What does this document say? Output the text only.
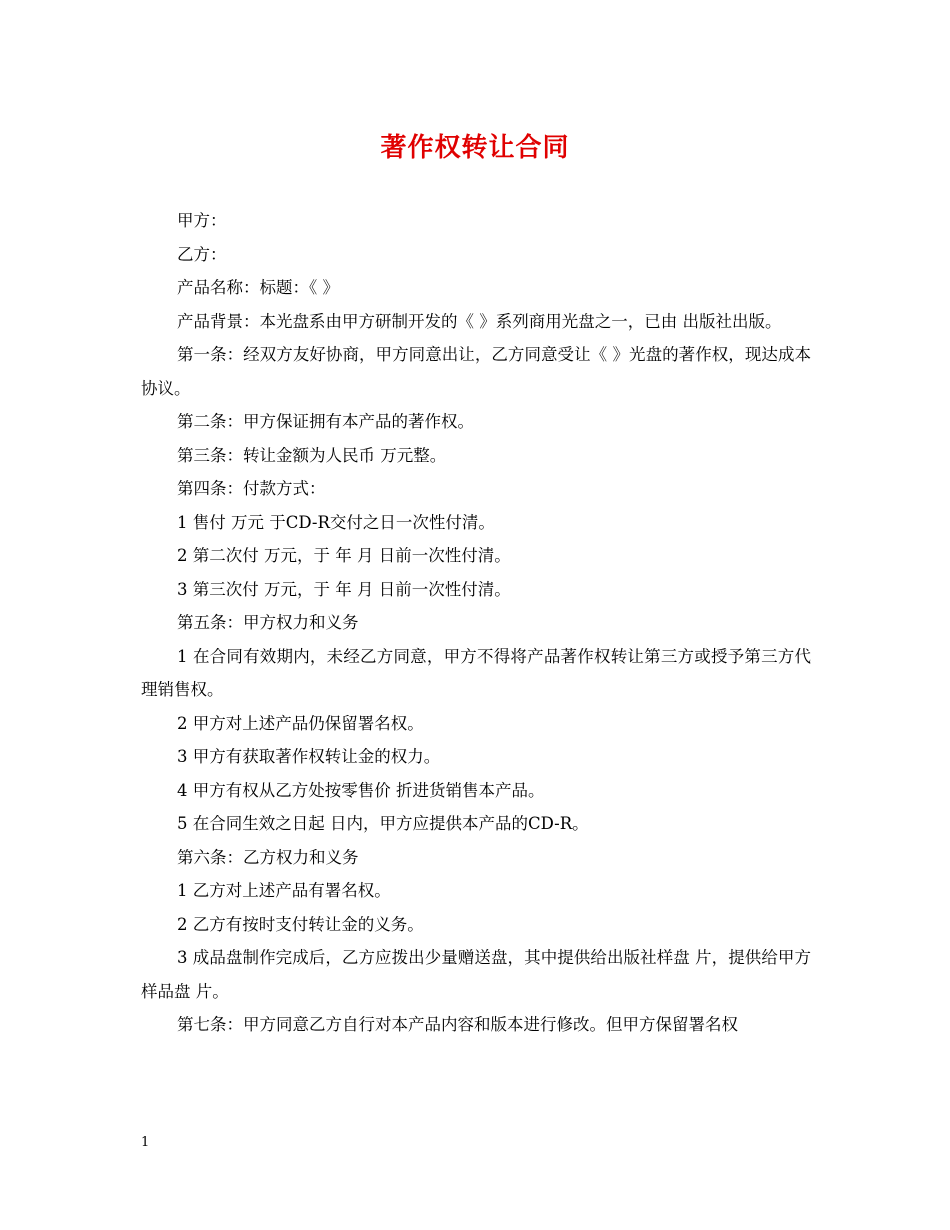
著作权转让合同

甲方：

乙方：

产品名称：标题：《 》

产品背景：本光盘系由甲方研制开发的《 》系列商用光盘之一，已由 出版社出版。

第一条：经双方友好协商，甲方同意出让，乙方同意受让《 》光盘的著作权，现达成本协议。

第二条：甲方保证拥有本产品的著作权。

第三条：转让金额为人民币 万元整。

第四条：付款方式：

1 售付 万元 于CD-R交付之日一次性付清。

2 第二次付 万元，于 年 月 日前一次性付清。

3 第三次付 万元，于 年 月 日前一次性付清。

第五条：甲方权力和义务

1 在合同有效期内，未经乙方同意，甲方不得将产品著作权转让第三方或授予第三方代理销售权。

2 甲方对上述产品仍保留署名权。

3 甲方有获取著作权转让金的权力。

4 甲方有权从乙方处按零售价 折进货销售本产品。

5 在合同生效之日起 日内，甲方应提供本产品的CD-R。

第六条：乙方权力和义务

1 乙方对上述产品有署名权。

2 乙方有按时支付转让金的义务。

3 成品盘制作完成后，乙方应拨出少量赠送盘，其中提供给出版社样盘 片，提供给甲方样品盘 片。

第七条：甲方同意乙方自行对本产品内容和版本进行修改。但甲方保留署名权

1
